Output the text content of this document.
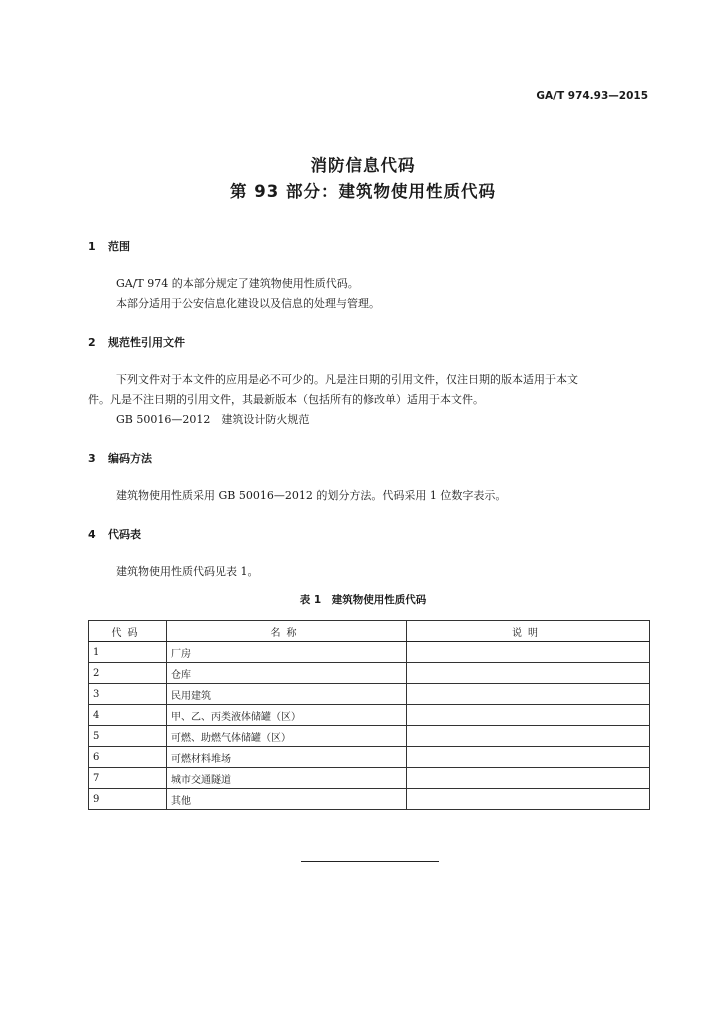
GA/T 974.93—2015
消防信息代码
第 93 部分：建筑物使用性质代码
1 范围
GA/T 974 的本部分规定了建筑物使用性质代码。
本部分适用于公安信息化建设以及信息的处理与管理。
2 规范性引用文件
下列文件对于本文件的应用是必不可少的。凡是注日期的引用文件，仅注日期的版本适用于本文
件。凡是不注日期的引用文件，其最新版本（包括所有的修改单）适用于本文件。
GB 50016—2012　建筑设计防火规范
3 编码方法
建筑物使用性质采用 GB 50016—2012 的划分方法。代码采用 1 位数字表示。
4 代码表
建筑物使用性质代码见表 1。
表 1　建筑物使用性质代码
代码	名称	说明
1	厂房	
2	仓库	
3	民用建筑	
4	甲、乙、丙类液体储罐（区）	
5	可燃、助燃气体储罐（区）	
6	可燃材料堆场	
7	城市交通隧道	
9	其他	
